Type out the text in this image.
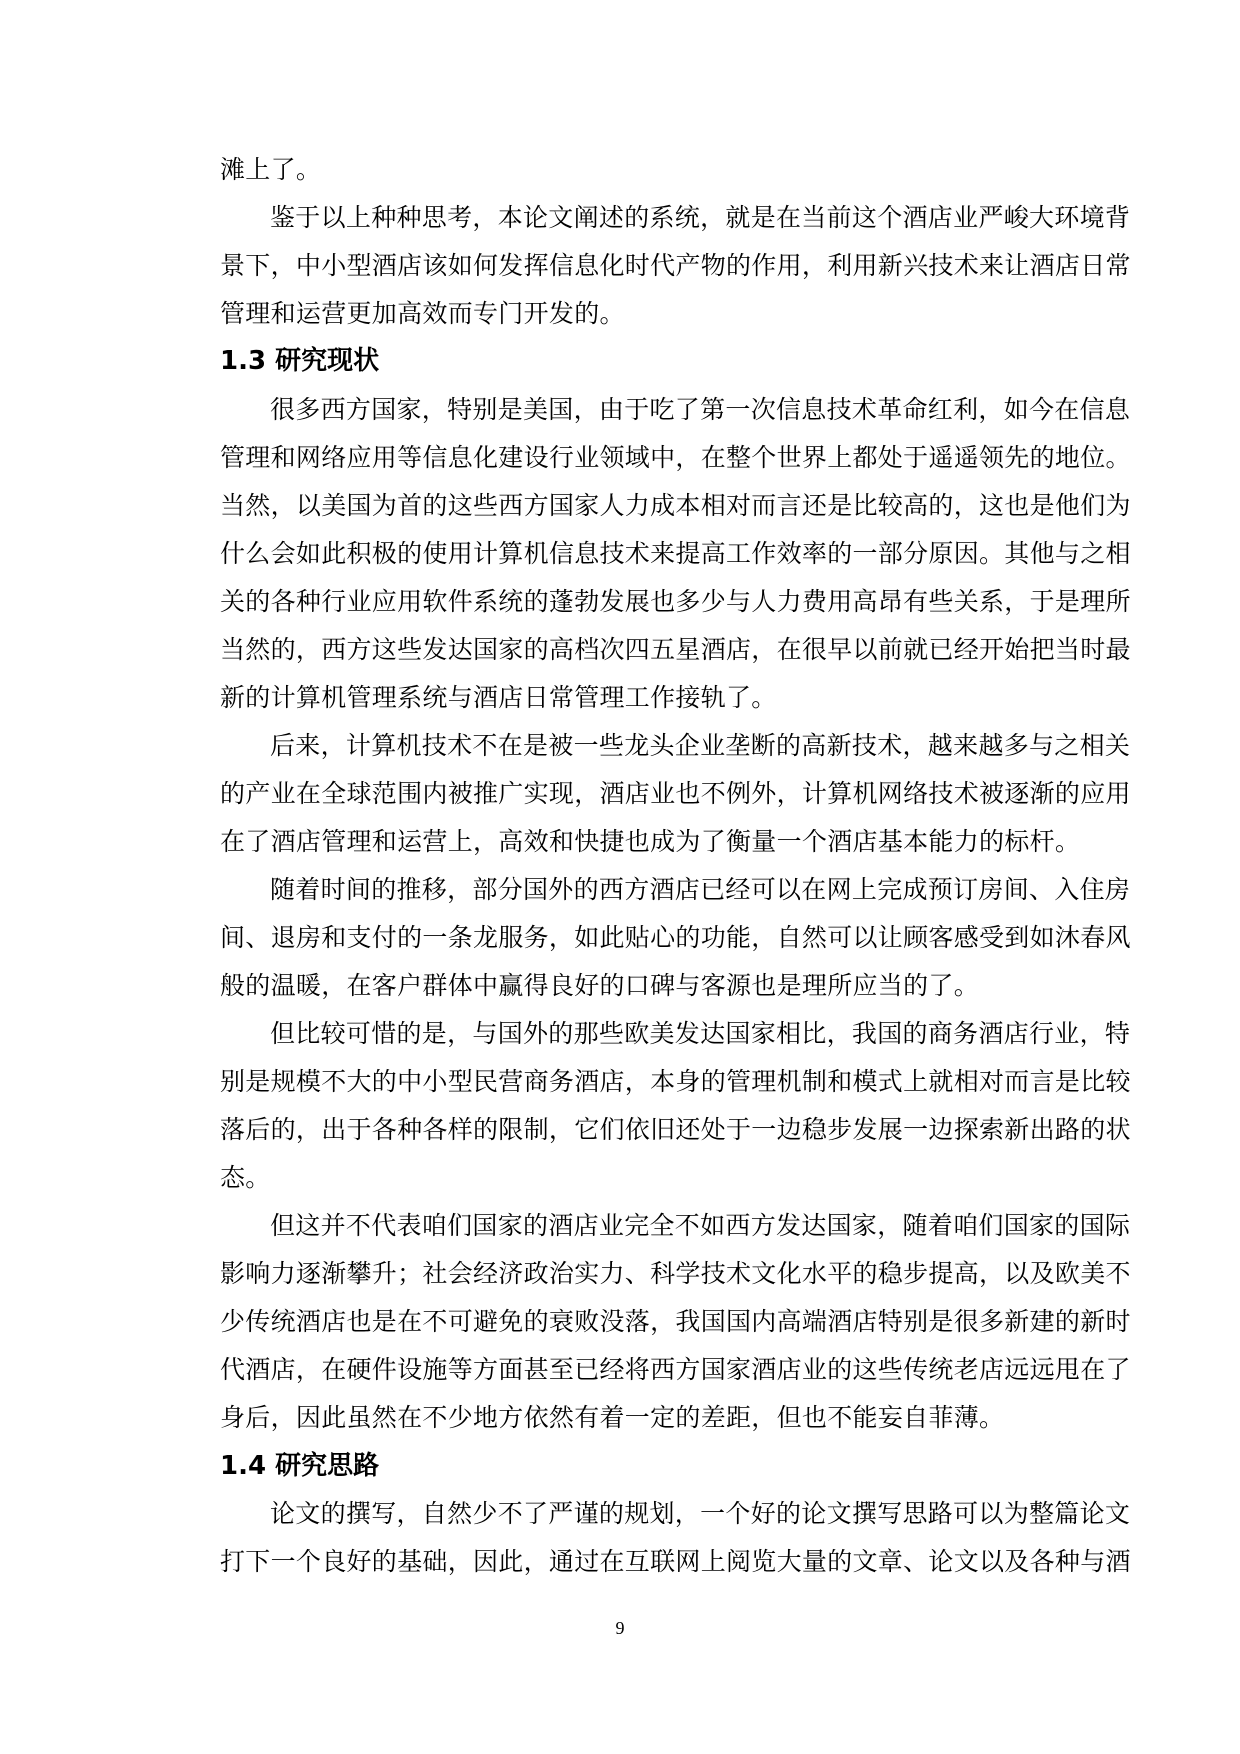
滩上了。
鉴于以上种种思考，本论文阐述的系统，就是在当前这个酒店业严峻大环境背
景下，中小型酒店该如何发挥信息化时代产物的作用，利用新兴技术来让酒店日常
管理和运营更加高效而专门开发的。
1.3 研究现状
很多西方国家，特别是美国，由于吃了第一次信息技术革命红利，如今在信息
管理和网络应用等信息化建设行业领域中，在整个世界上都处于遥遥领先的地位。
当然，以美国为首的这些西方国家人力成本相对而言还是比较高的，这也是他们为
什么会如此积极的使用计算机信息技术来提高工作效率的一部分原因。其他与之相
关的各种行业应用软件系统的蓬勃发展也多少与人力费用高昂有些关系，于是理所
当然的，西方这些发达国家的高档次四五星酒店，在很早以前就已经开始把当时最
新的计算机管理系统与酒店日常管理工作接轨了。
后来，计算机技术不在是被一些龙头企业垄断的高新技术，越来越多与之相关
的产业在全球范围内被推广实现，酒店业也不例外，计算机网络技术被逐渐的应用
在了酒店管理和运营上，高效和快捷也成为了衡量一个酒店基本能力的标杆。
随着时间的推移，部分国外的西方酒店已经可以在网上完成预订房间、入住房
间、退房和支付的一条龙服务，如此贴心的功能，自然可以让顾客感受到如沐春风
般的温暖，在客户群体中赢得良好的口碑与客源也是理所应当的了。
但比较可惜的是，与国外的那些欧美发达国家相比，我国的商务酒店行业，特
别是规模不大的中小型民营商务酒店，本身的管理机制和模式上就相对而言是比较
落后的，出于各种各样的限制，它们依旧还处于一边稳步发展一边探索新出路的状
态。
但这并不代表咱们国家的酒店业完全不如西方发达国家，随着咱们国家的国际
影响力逐渐攀升；社会经济政治实力、科学技术文化水平的稳步提高，以及欧美不
少传统酒店也是在不可避免的衰败没落，我国国内高端酒店特别是很多新建的新时
代酒店，在硬件设施等方面甚至已经将西方国家酒店业的这些传统老店远远甩在了
身后，因此虽然在不少地方依然有着一定的差距，但也不能妄自菲薄。
1.4 研究思路
论文的撰写，自然少不了严谨的规划，一个好的论文撰写思路可以为整篇论文
打下一个良好的基础，因此，通过在互联网上阅览大量的文章、论文以及各种与酒
9
